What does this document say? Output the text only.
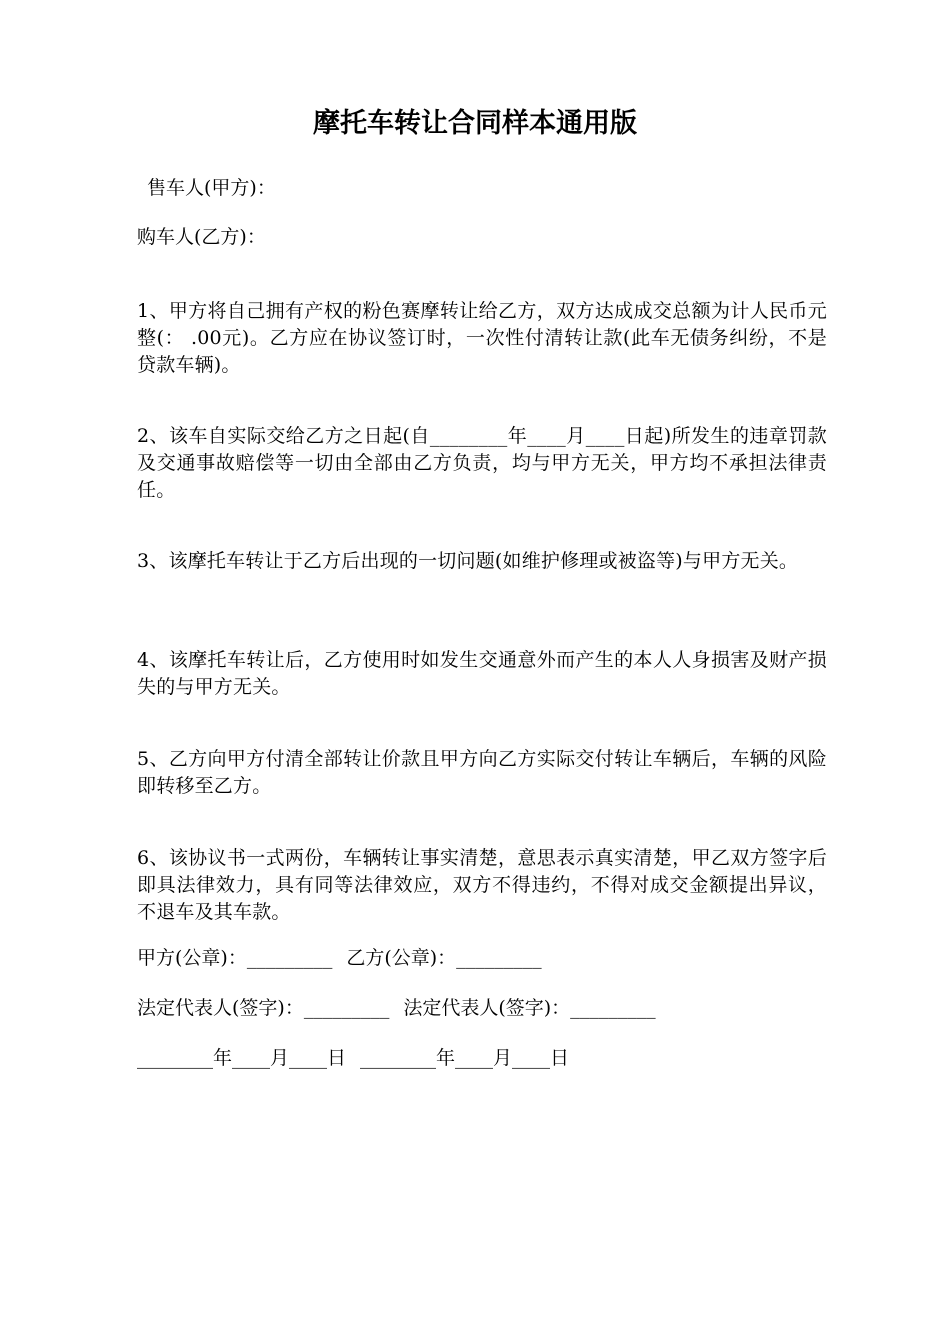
摩托车转让合同样本通用版
售车人(甲方)：
购车人(乙方)：
1、甲方将自己拥有产权的粉色赛摩转让给乙方，双方达成成交总额为计人民币元整(： .00元)。乙方应在协议签订时，一次性付清转让款(此车无债务纠纷，不是贷款车辆)。
2、该车自实际交给乙方之日起(自________年____月____日起)所发生的违章罚款及交通事故赔偿等一切由全部由乙方负责，均与甲方无关，甲方均不承担法律责任。
3、该摩托车转让于乙方后出现的一切问题(如维护修理或被盗等)与甲方无关。
4、该摩托车转让后，乙方使用时如发生交通意外而产生的本人人身损害及财产损失的与甲方无关。
5、乙方向甲方付清全部转让价款且甲方向乙方实际交付转让车辆后，车辆的风险即转移至乙方。
6、该协议书一式两份，车辆转让事实清楚，意思表示真实清楚，甲乙双方签字后即具法律效力，具有同等法律效应，双方不得违约，不得对成交金额提出异议，不退车及其车款。
甲方(公章)：_________ 乙方(公章)：_________
法定代表人(签字)：_________ 法定代表人(签字)：_________
________年____月____日 ________年____月____日
